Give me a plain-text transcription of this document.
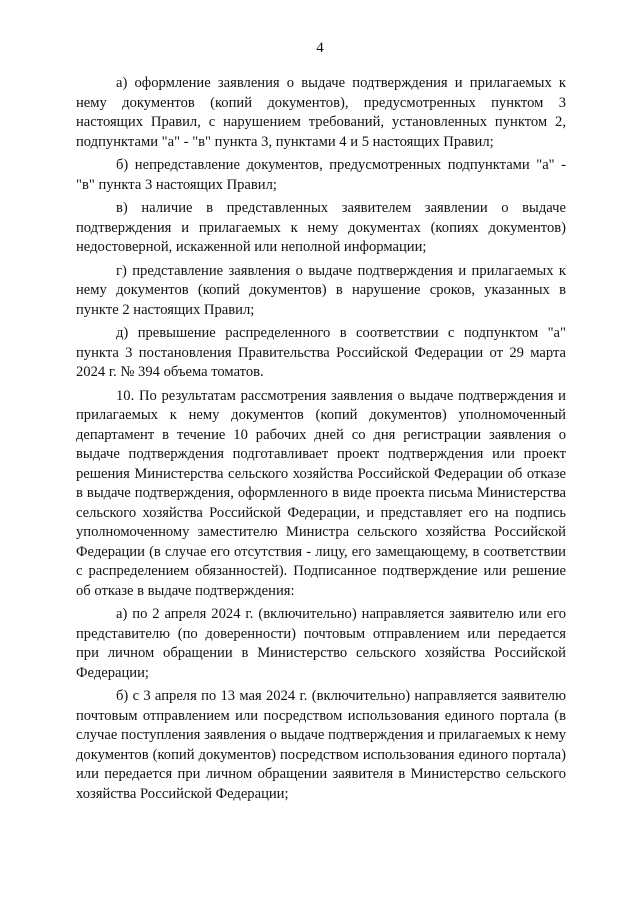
4

а) оформление заявления о выдаче подтверждения и прилагаемых к нему документов (копий документов), предусмотренных пунктом 3 настоящих Правил, с нарушением требований, установленных пунктом 2, подпунктами "а" - "в" пункта 3, пунктами 4 и 5 настоящих Правил;

б) непредставление документов, предусмотренных подпунктами "а" - "в" пункта 3 настоящих Правил;

в) наличие в представленных заявителем заявлении о выдаче подтверждения и прилагаемых к нему документах (копиях документов) недостоверной, искаженной или неполной информации;

г) представление заявления о выдаче подтверждения и прилагаемых к нему документов (копий документов) в нарушение сроков, указанных в пункте 2 настоящих Правил;

д) превышение распределенного в соответствии с подпунктом "а" пункта 3 постановления Правительства Российской Федерации от 29 марта 2024 г. № 394 объема томатов.

10. По результатам рассмотрения заявления о выдаче подтверждения и прилагаемых к нему документов (копий документов) уполномоченный департамент в течение 10 рабочих дней со дня регистрации заявления о выдаче подтверждения подготавливает проект подтверждения или проект решения Министерства сельского хозяйства Российской Федерации об отказе в выдаче подтверждения, оформленного в виде проекта письма Министерства сельского хозяйства Российской Федерации, и представляет его на подпись уполномоченному заместителю Министра сельского хозяйства Российской Федерации (в случае его отсутствия - лицу, его замещающему, в соответствии с распределением обязанностей). Подписанное подтверждение или решение об отказе в выдаче подтверждения:

а) по 2 апреля 2024 г. (включительно) направляется заявителю или его представителю (по доверенности) почтовым отправлением или передается при личном обращении в Министерство сельского хозяйства Российской Федерации;

б) с 3 апреля по 13 мая 2024 г. (включительно) направляется заявителю почтовым отправлением или посредством использования единого портала (в случае поступления заявления о выдаче подтверждения и прилагаемых к нему документов (копий документов) посредством использования единого портала) или передается при личном обращении заявителя в Министерство сельского хозяйства Российской Федерации;
